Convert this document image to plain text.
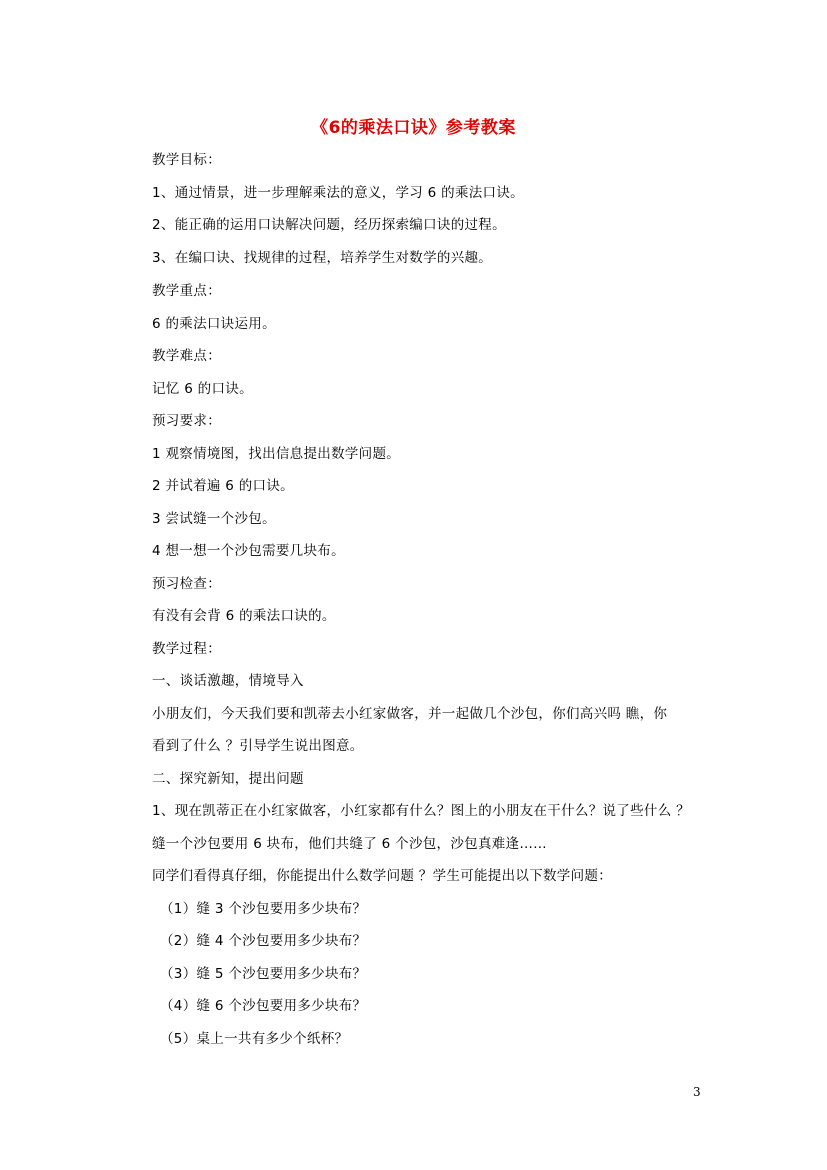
《6的乘法口诀》参考教案
教学目标：
1、通过情景，进一步理解乘法的意义，学习 6 的乘法口诀。
2、能正确的运用口诀解决问题，经历探索编口诀的过程。
3、在编口诀、找规律的过程，培养学生对数学的兴趣。
教学重点：
6 的乘法口诀运用。
教学难点：
记忆 6 的口诀。
预习要求：
1 观察情境图，找出信息提出数学问题。
2 并试着遍 6 的口诀。
3 尝试缝一个沙包。
4 想一想一个沙包需要几块布。
预习检查：
有没有会背 6 的乘法口诀的。
教学过程：
一、谈话激趣，情境导入
小朋友们，今天我们要和凯蒂去小红家做客，并一起做几个沙包，你们高兴吗 瞧，你
看到了什么 ？引导学生说出图意。
二、探究新知，提出问题
1、现在凯蒂正在小红家做客，小红家都有什么？图上的小朋友在干什么？说了些什么 ？
缝一个沙包要用 6 块布，他们共缝了 6 个沙包，沙包真难逢……
同学们看得真仔细，你能提出什么数学问题 ？学生可能提出以下数学问题：
（1）缝 3 个沙包要用多少块布？
（2）缝 4 个沙包要用多少块布？
（3）缝 5 个沙包要用多少块布？
（4）缝 6 个沙包要用多少块布？
（5）桌上一共有多少个纸杯？
3
